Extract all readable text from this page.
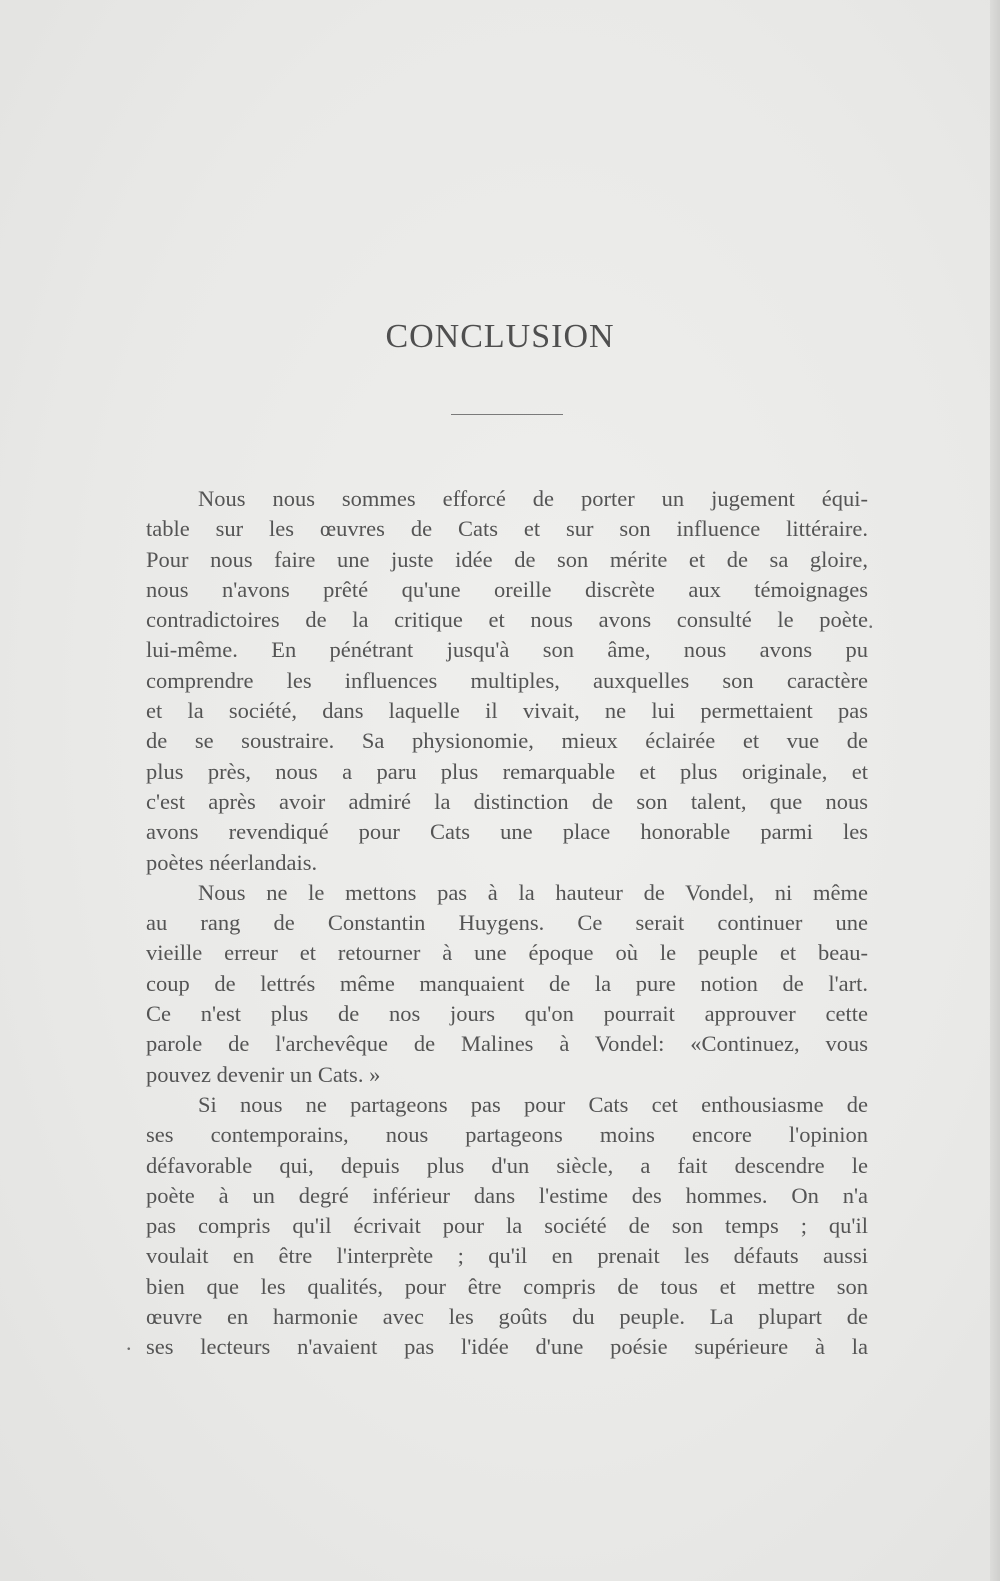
CONCLUSION
Nous nous sommes efforcé de porter un jugement équi-
table sur les œuvres de Cats et sur son influence littéraire.
Pour nous faire une juste idée de son mérite et de sa gloire,
nous n'avons prêté qu'une oreille discrète aux témoignages
contradictoires de la critique et nous avons consulté le poète
lui-même. En pénétrant jusqu'à son âme, nous avons pu
comprendre les influences multiples, auxquelles son caractère
et la société, dans laquelle il vivait, ne lui permettaient pas
de se soustraire. Sa physionomie, mieux éclairée et vue de
plus près, nous a paru plus remarquable et plus originale, et
c'est après avoir admiré la distinction de son talent, que nous
avons revendiqué pour Cats une place honorable parmi les
poètes néerlandais.
Nous ne le mettons pas à la hauteur de Vondel, ni même
au rang de Constantin Huygens. Ce serait continuer une
vieille erreur et retourner à une époque où le peuple et beau-
coup de lettrés même manquaient de la pure notion de l'art.
Ce n'est plus de nos jours qu'on pourrait approuver cette
parole de l'archevêque de Malines à Vondel: «Continuez, vous
pouvez devenir un Cats. »
Si nous ne partageons pas pour Cats cet enthousiasme de
ses contemporains, nous partageons moins encore l'opinion
défavorable qui, depuis plus d'un siècle, a fait descendre le
poète à un degré inférieur dans l'estime des hommes. On n'a
pas compris qu'il écrivait pour la société de son temps ; qu'il
voulait en être l'interprète ; qu'il en prenait les défauts aussi
bien que les qualités, pour être compris de tous et mettre son
œuvre en harmonie avec les goûts du peuple. La plupart de
ses lecteurs n'avaient pas l'idée d'une poésie supérieure à la
.
.
